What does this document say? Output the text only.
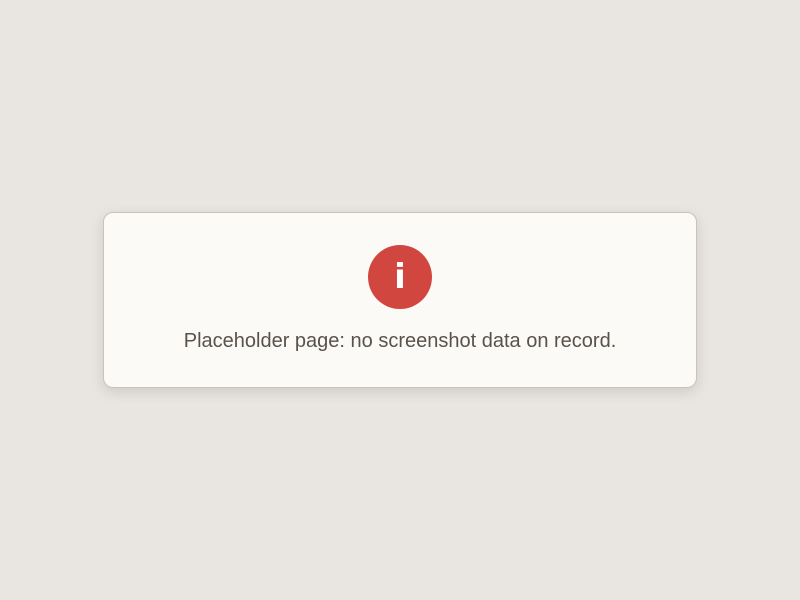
i

Placeholder page: no screenshot data on record.
